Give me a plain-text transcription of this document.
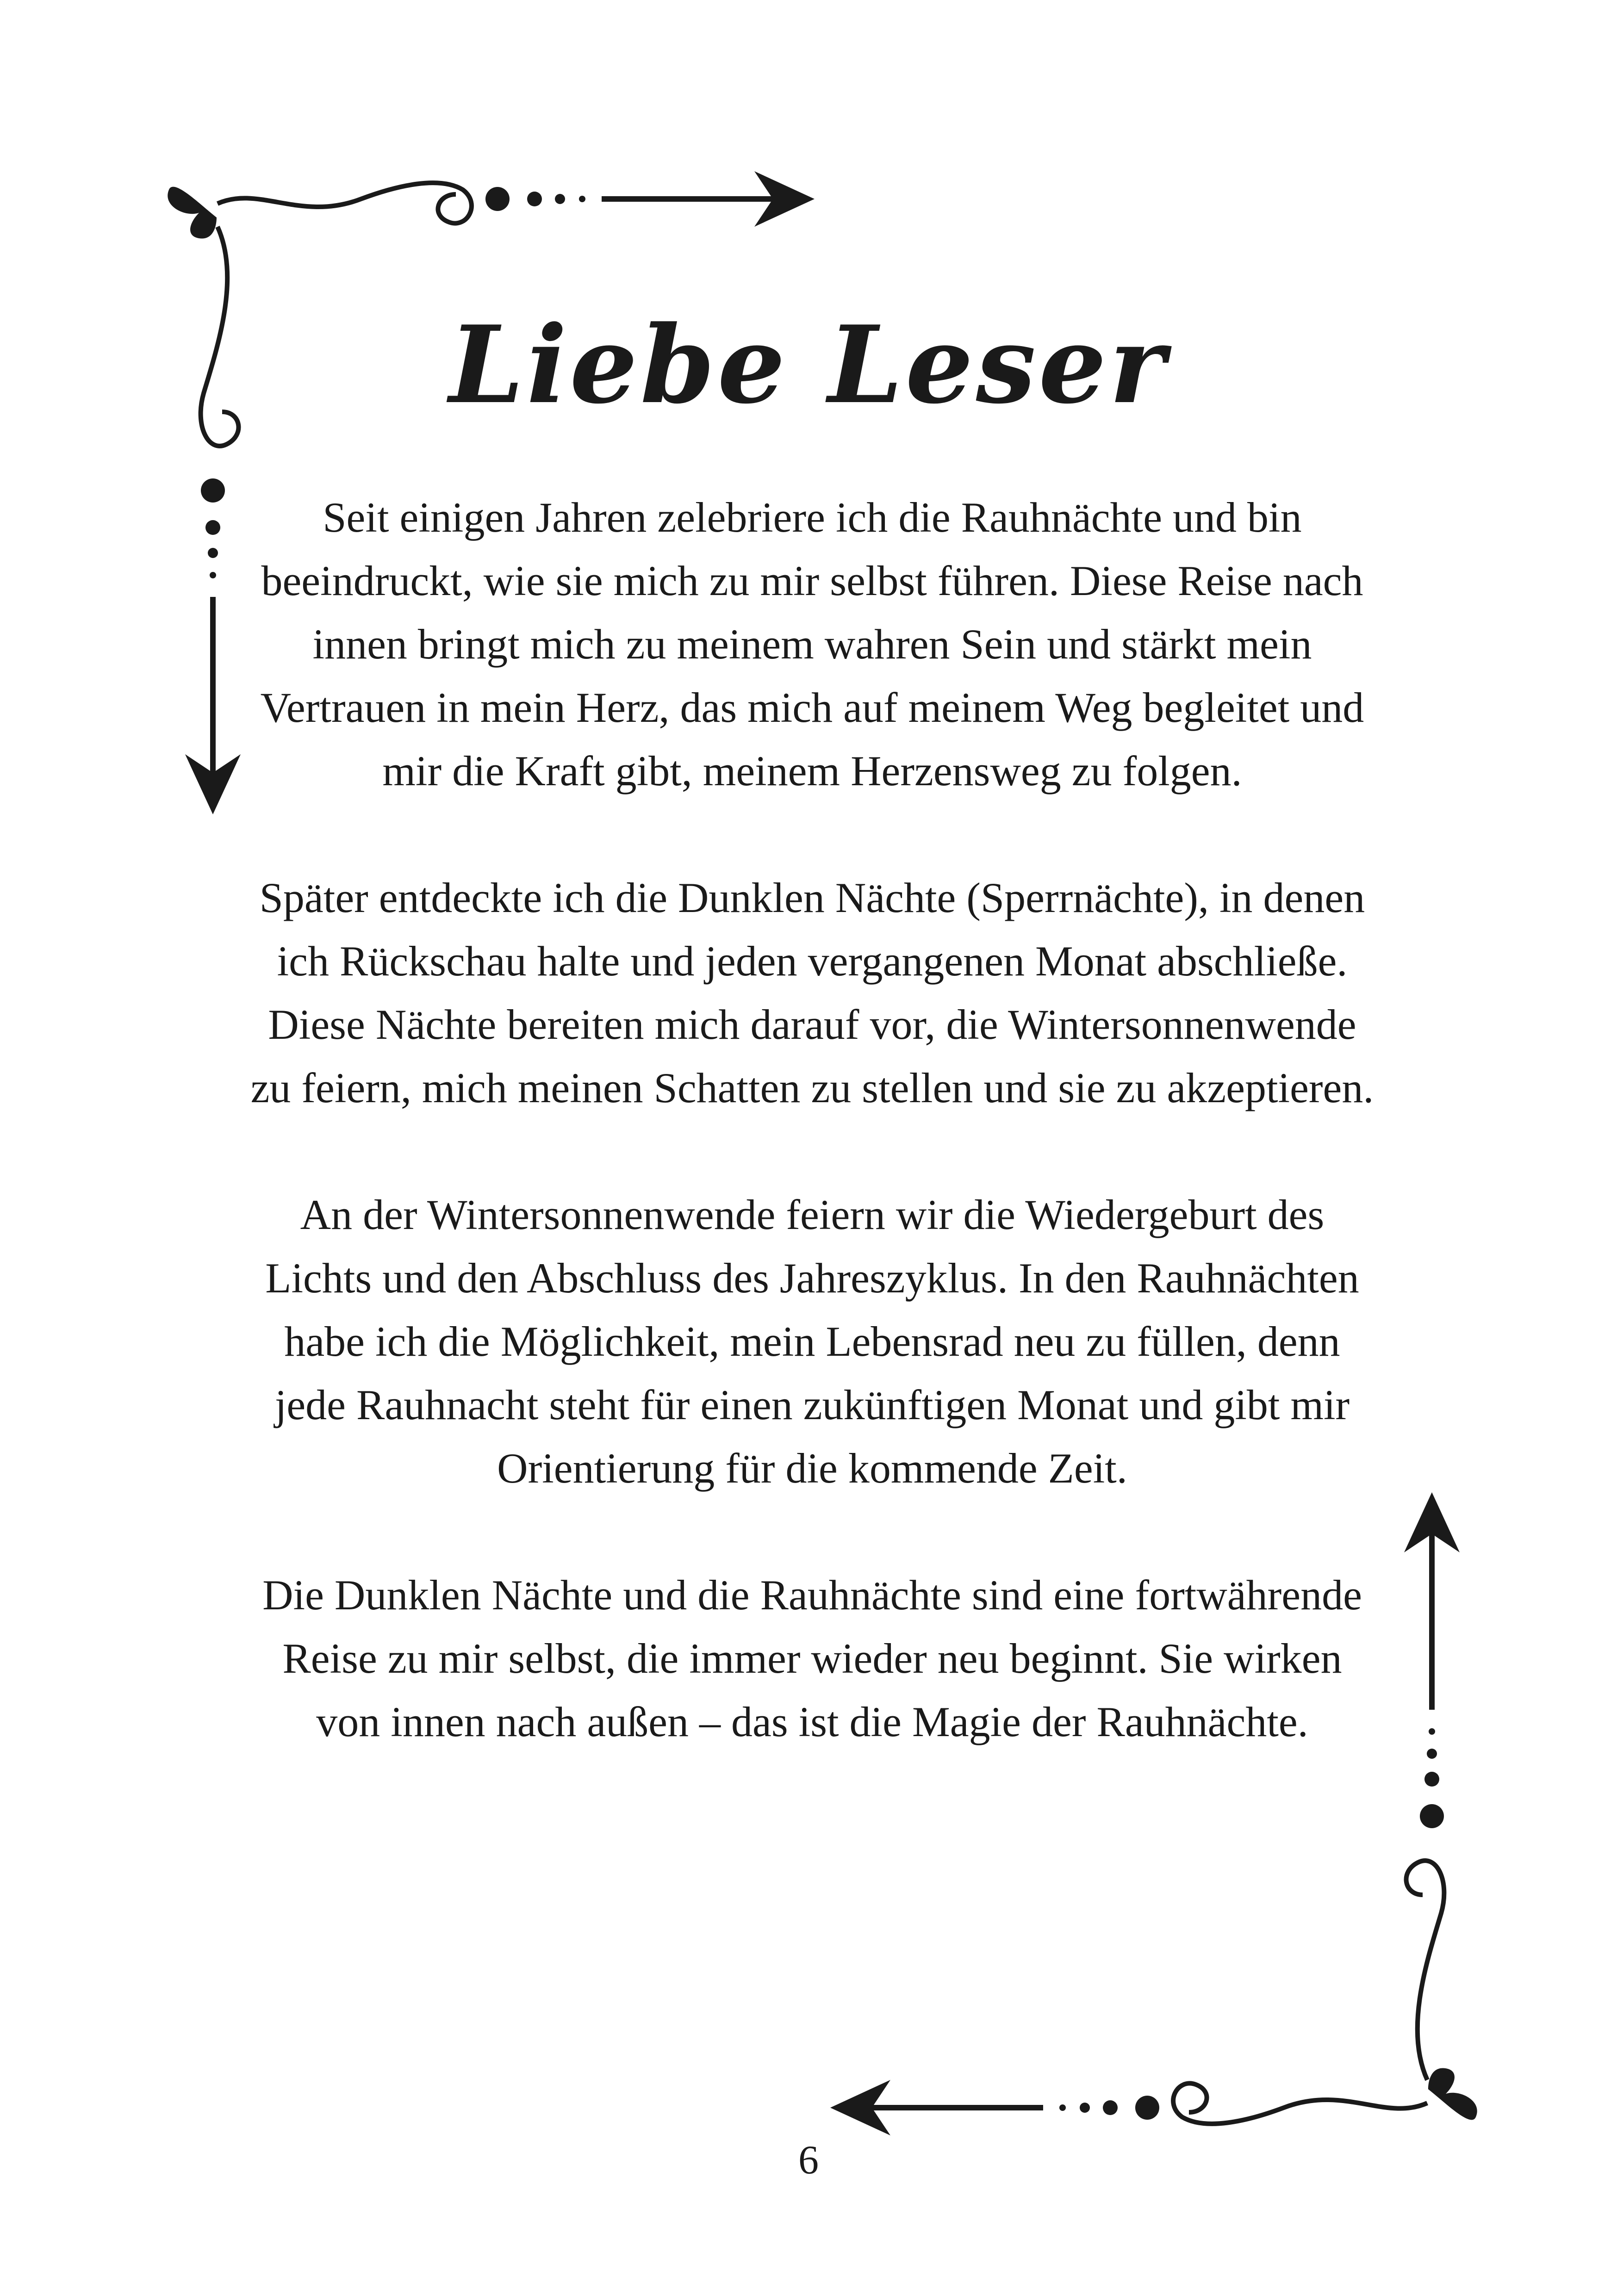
Liebe Leser

Seit einigen Jahren zelebriere ich die Rauhnächte und bin beeindruckt, wie sie mich zu mir selbst führen. Diese Reise nach innen bringt mich zu meinem wahren Sein und stärkt mein Vertrauen in mein Herz, das mich auf meinem Weg begleitet und mir die Kraft gibt, meinem Herzensweg zu folgen.

Später entdeckte ich die Dunklen Nächte (Sperrnächte), in denen ich Rückschau halte und jeden vergangenen Monat abschließe. Diese Nächte bereiten mich darauf vor, die Wintersonnenwende zu feiern, mich meinen Schatten zu stellen und sie zu akzeptieren.

An der Wintersonnenwende feiern wir die Wiedergeburt des Lichts und den Abschluss des Jahreszyklus. In den Rauhnächten habe ich die Möglichkeit, mein Lebensrad neu zu füllen, denn jede Rauhnacht steht für einen zukünftigen Monat und gibt mir Orientierung für die kommende Zeit.

Die Dunklen Nächte und die Rauhnächte sind eine fortwährende Reise zu mir selbst, die immer wieder neu beginnt. Sie wirken von innen nach außen – das ist die Magie der Rauhnächte.

6
